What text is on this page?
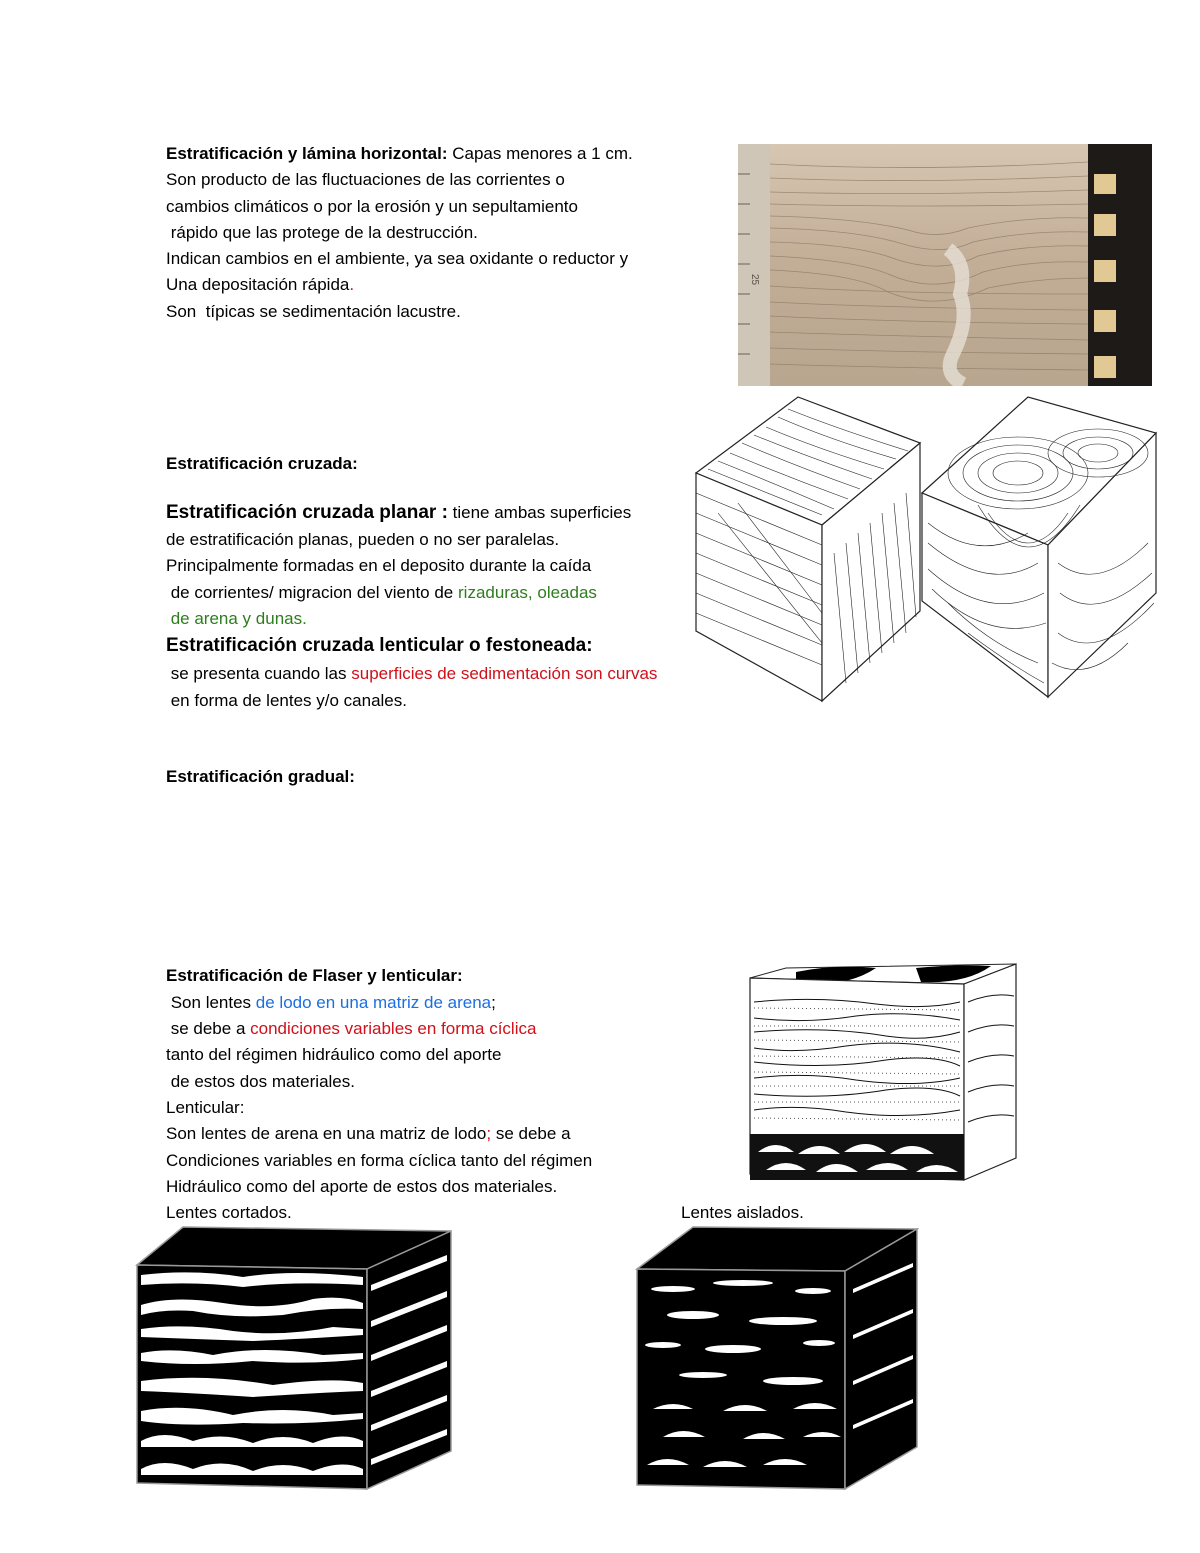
Estratificación y lámina horizontal: Capas menores a 1 cm.
Son producto de las fluctuaciones de las corrientes o
cambios climáticos o por la erosión y un sepultamiento
rápido que las protege de la destrucción.
Indican cambios en el ambiente, ya sea oxidante o reductor y
Una depositación rápida.
Son  típicas se sedimentación lacustre.
25
Estratificación cruzada:
Estratificación cruzada planar : tiene ambas superficies
de estratificación planas, pueden o no ser paralelas.
Principalmente formadas en el deposito durante la caída
de corrientes/ migracion del viento de rizaduras, oleadas
de arena y dunas.
Estratificación cruzada lenticular o festoneada:
se presenta cuando las superficies de sedimentación son curvas
en forma de lentes y/o canales.
Estratificación gradual:
Estratificación de Flaser y lenticular:
Son lentes de lodo en una matriz de arena;
se debe a condiciones variables en forma cíclica
tanto del régimen hidráulico como del aporte
de estos dos materiales.
Lenticular:
Son lentes de arena en una matriz de lodo; se debe a
Condiciones variables en forma cíclica tanto del régimen
Hidráulico como del aporte de estos dos materiales.
Lentes cortados.	Lentes aislados.
